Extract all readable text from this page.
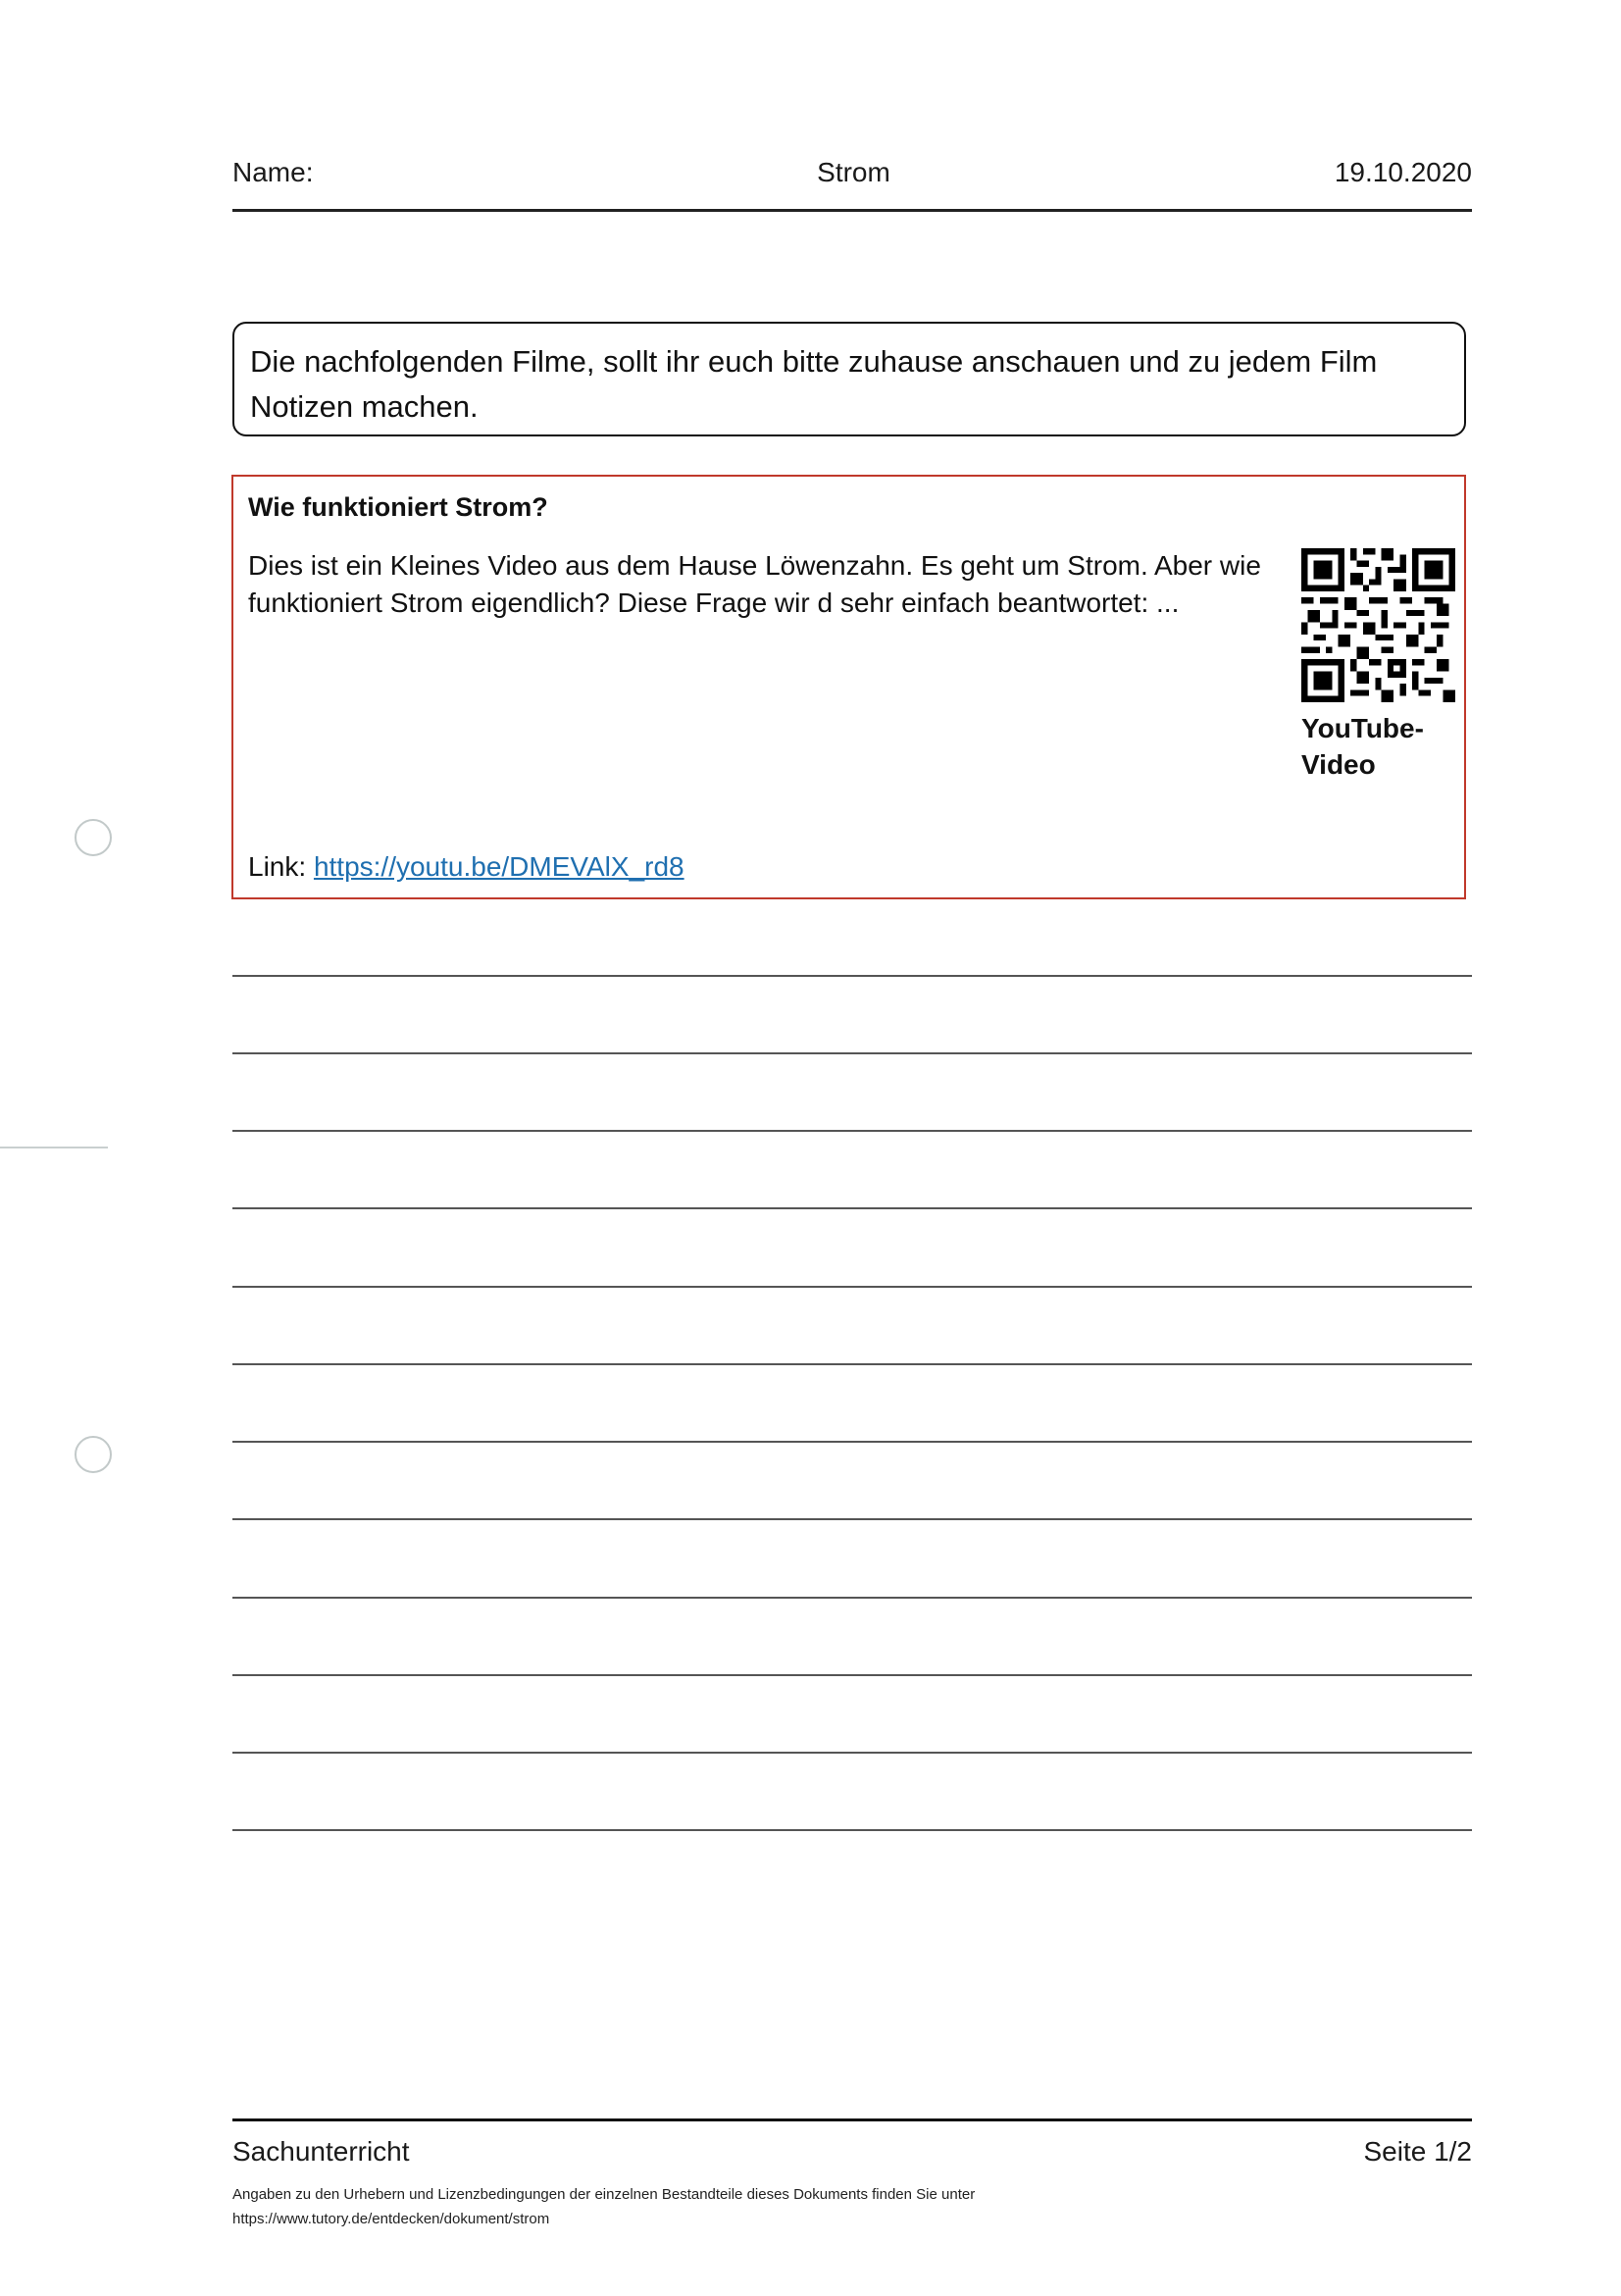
Name:	Strom	19.10.2020
Die nachfolgenden Filme, sollt ihr euch bitte zuhause anschauen und zu jedem Film Notizen machen.
Wie funktioniert Strom?
Dies ist ein Kleines Video aus dem Hause Löwenzahn. Es geht um Strom. Aber wie funktioniert Strom eigendlich? Diese Frage wir d sehr einfach beantwortet: ...
YouTube-Video
Link: https://youtu.be/DMEVAlX_rd8
Sachunterricht	Seite 1/2
Angaben zu den Urhebern und Lizenzbedingungen der einzelnen Bestandteile dieses Dokuments finden Sie unter
https://www.tutory.de/entdecken/dokument/strom
